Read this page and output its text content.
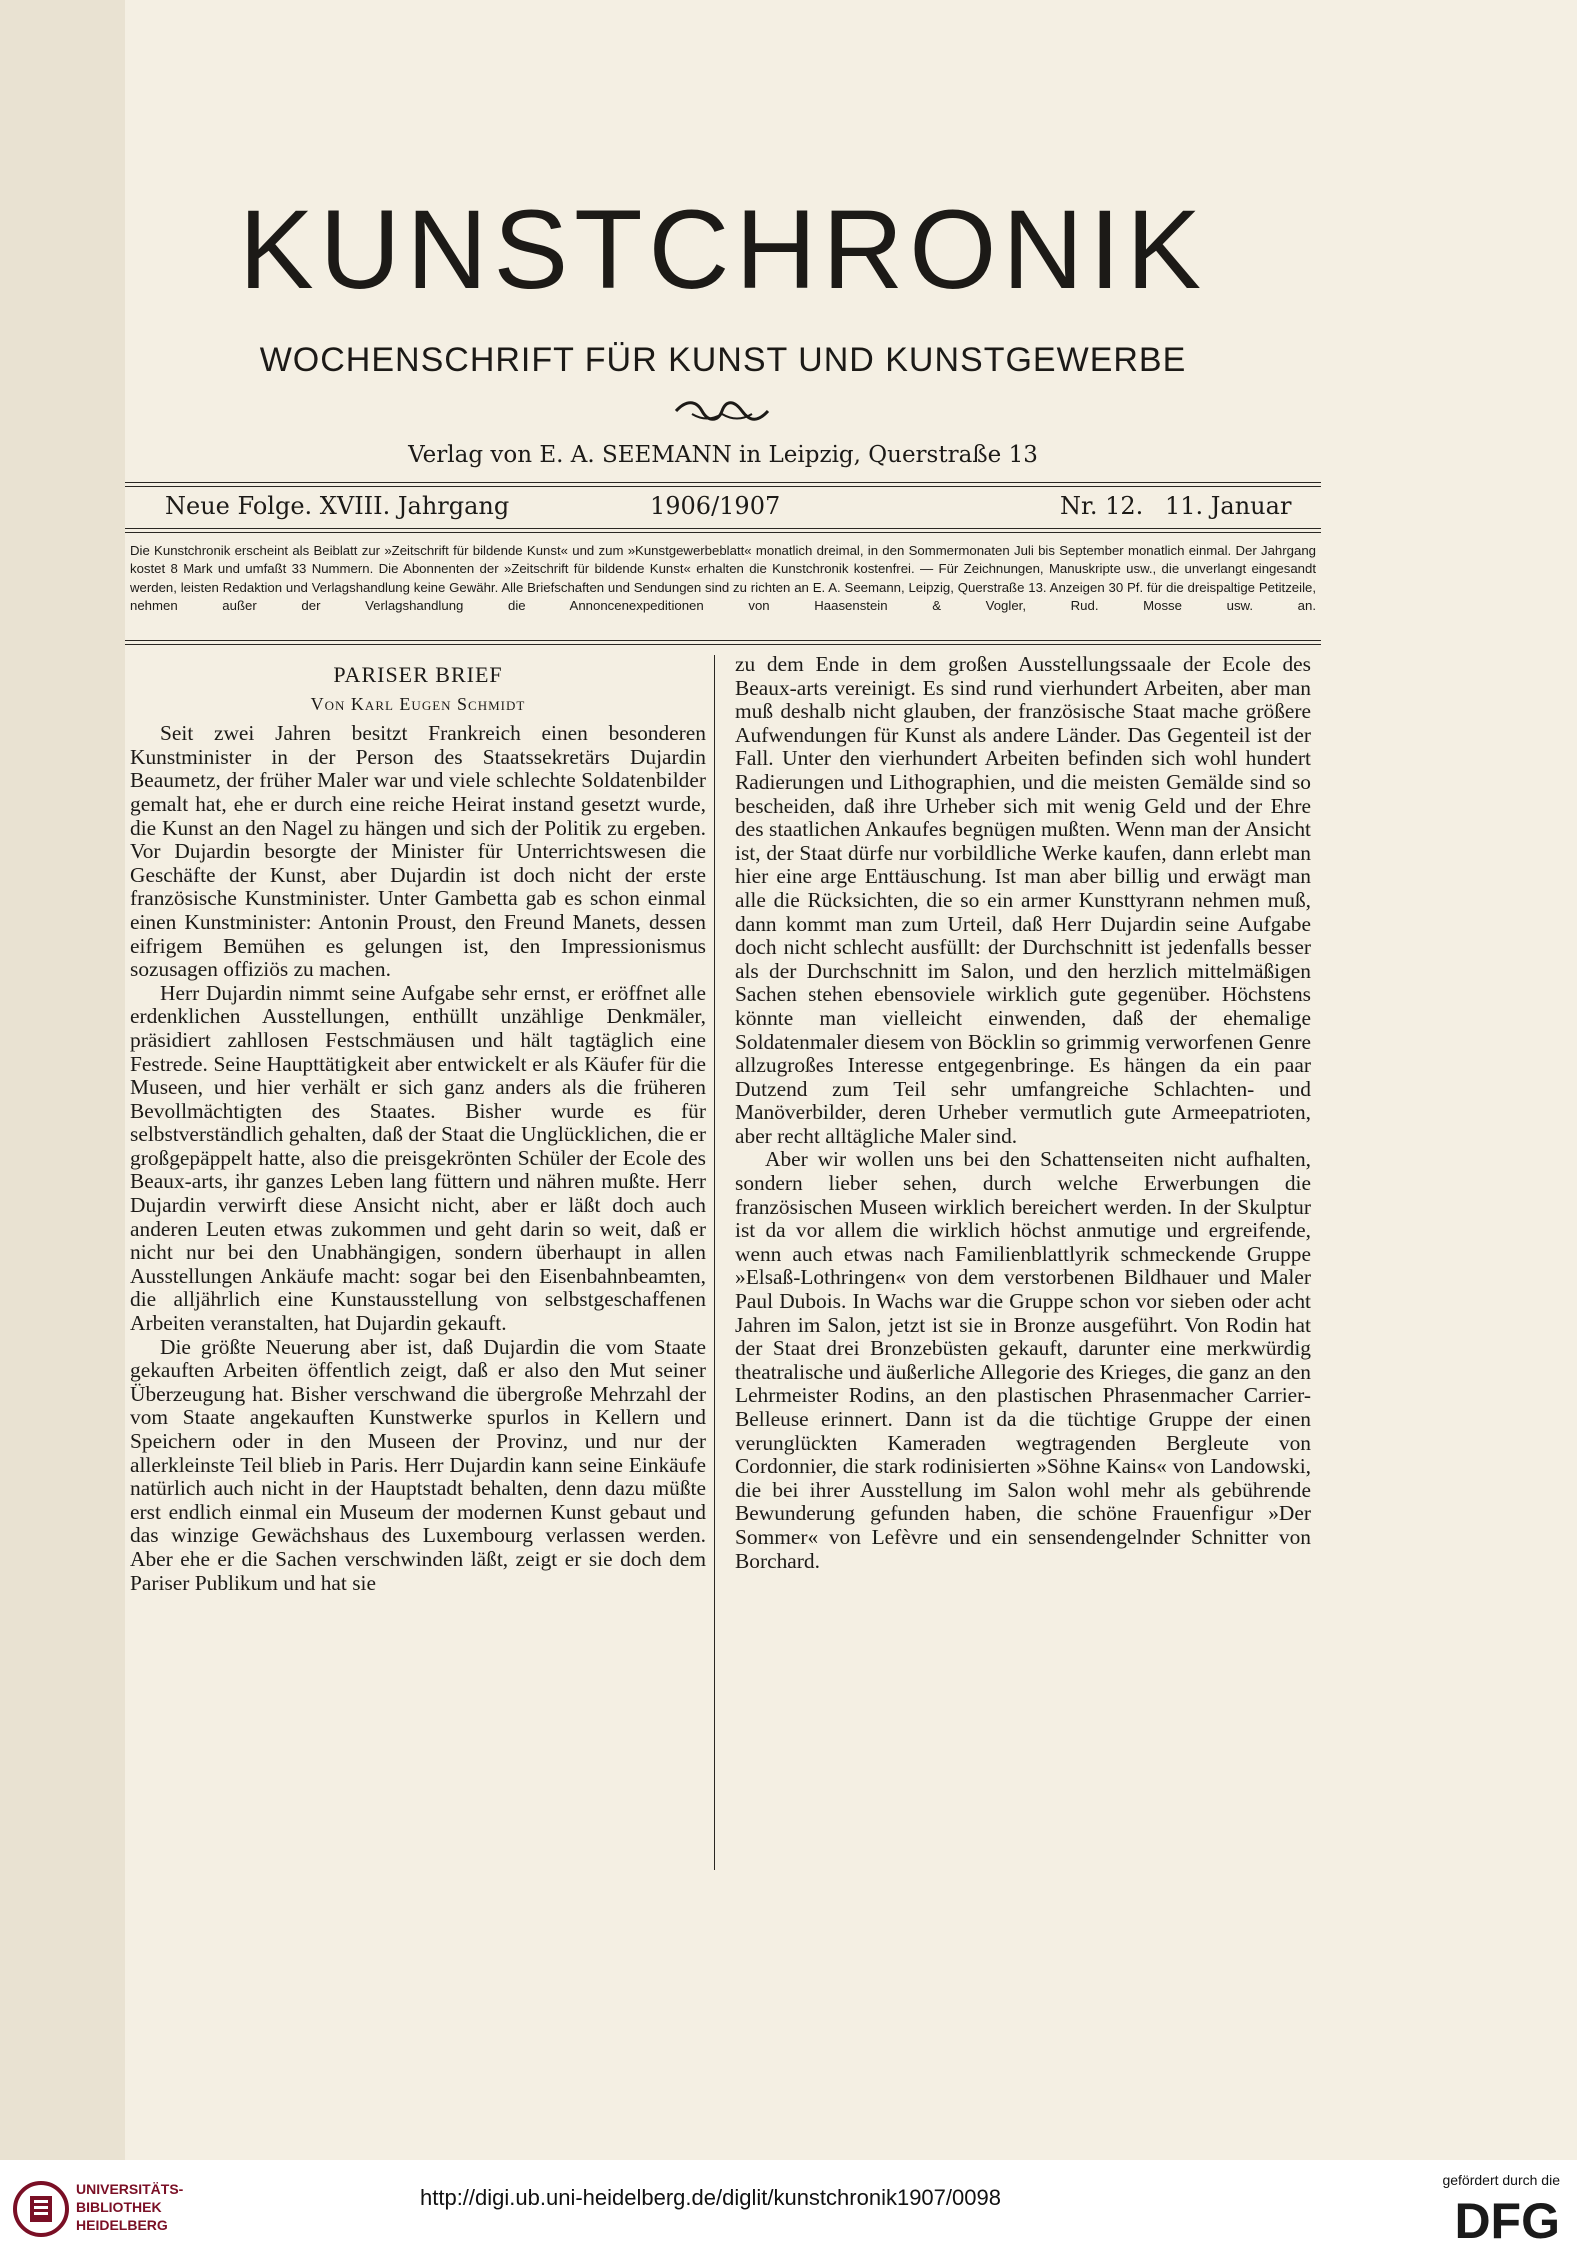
KUNSTCHRONIK
WOCHENSCHRIFT FÜR KUNST UND KUNSTGEWERBE
Verlag von E. A. SEEMANN in Leipzig, Querstraße 13
Neue Folge. XVIII. Jahrgang	1906/1907	Nr. 12. 11. Januar
Die Kunstchronik erscheint als Beiblatt zur »Zeitschrift für bildende Kunst« und zum »Kunstgewerbeblatt« monatlich dreimal, in den Sommermonaten Juli bis September monatlich einmal. Der Jahrgang kostet 8 Mark und umfaßt 33 Nummern. Die Abonnenten der »Zeitschrift für bildende Kunst« erhalten die Kunstchronik kostenfrei. — Für Zeichnungen, Manuskripte usw., die unverlangt eingesandt werden, leisten Redaktion und Verlagshandlung keine Gewähr. Alle Briefschaften und Sendungen sind zu richten an E. A. Seemann, Leipzig, Querstraße 13. Anzeigen 30 Pf. für die dreispaltige Petitzeile, nehmen außer der Verlagshandlung die Annoncenexpeditionen von Haasenstein & Vogler, Rud. Mosse usw. an.
PARISER BRIEF
Von Karl Eugen Schmidt

Seit zwei Jahren besitzt Frankreich einen besonderen Kunstminister in der Person des Staatssekretärs Dujardin Beaumetz, der früher Maler war und viele schlechte Soldatenbilder gemalt hat, ehe er durch eine reiche Heirat instand gesetzt wurde, die Kunst an den Nagel zu hängen und sich der Politik zu ergeben. Vor Dujardin besorgte der Minister für Unterrichtswesen die Geschäfte der Kunst, aber Dujardin ist doch nicht der erste französische Kunstminister. Unter Gambetta gab es schon einmal einen Kunstminister: Antonin Proust, den Freund Manets, dessen eifrigem Bemühen es gelungen ist, den Impressionismus sozusagen offiziös zu machen.

Herr Dujardin nimmt seine Aufgabe sehr ernst, er eröffnet alle erdenklichen Ausstellungen, enthüllt unzählige Denkmäler, präsidiert zahllosen Festschmäusen und hält tagtäglich eine Festrede. Seine Haupttätigkeit aber entwickelt er als Käufer für die Museen, und hier verhält er sich ganz anders als die früheren Bevollmächtigten des Staates. Bisher wurde es für selbstverständlich gehalten, daß der Staat die Unglücklichen, die er großgepäppelt hatte, also die preisgekrönten Schüler der Ecole des Beaux-arts, ihr ganzes Leben lang füttern und nähren mußte. Herr Dujardin verwirft diese Ansicht nicht, aber er läßt doch auch anderen Leuten etwas zukommen und geht darin so weit, daß er nicht nur bei den Unabhängigen, sondern überhaupt in allen Ausstellungen Ankäufe macht: sogar bei den Eisenbahnbeamten, die alljährlich eine Kunstausstellung von selbstgeschaffenen Arbeiten veranstalten, hat Dujardin gekauft.

Die größte Neuerung aber ist, daß Dujardin die vom Staate gekauften Arbeiten öffentlich zeigt, daß er also den Mut seiner Überzeugung hat. Bisher verschwand die übergroße Mehrzahl der vom Staate angekauften Kunstwerke spurlos in Kellern und Speichern oder in den Museen der Provinz, und nur der allerkleinste Teil blieb in Paris. Herr Dujardin kann seine Einkäufe natürlich auch nicht in der Hauptstadt behalten, denn dazu müßte erst endlich einmal ein Museum der modernen Kunst gebaut und das winzige Gewächshaus des Luxembourg verlassen werden. Aber ehe er die Sachen verschwinden läßt, zeigt er sie doch dem Pariser Publikum und hat sie

zu dem Ende in dem großen Ausstellungssaale der Ecole des Beaux-arts vereinigt. Es sind rund vierhundert Arbeiten, aber man muß deshalb nicht glauben, der französische Staat mache größere Aufwendungen für Kunst als andere Länder. Das Gegenteil ist der Fall. Unter den vierhundert Arbeiten befinden sich wohl hundert Radierungen und Lithographien, und die meisten Gemälde sind so bescheiden, daß ihre Urheber sich mit wenig Geld und der Ehre des staatlichen Ankaufes begnügen mußten. Wenn man der Ansicht ist, der Staat dürfe nur vorbildliche Werke kaufen, dann erlebt man hier eine arge Enttäuschung. Ist man aber billig und erwägt man alle die Rücksichten, die so ein armer Kunsttyrann nehmen muß, dann kommt man zum Urteil, daß Herr Dujardin seine Aufgabe doch nicht schlecht ausfüllt: der Durchschnitt ist jedenfalls besser als der Durchschnitt im Salon, und den herzlich mittelmäßigen Sachen stehen ebensoviele wirklich gute gegenüber. Höchstens könnte man vielleicht einwenden, daß der ehemalige Soldatenmaler diesem von Böcklin so grimmig verworfenen Genre allzugroßes Interesse entgegenbringe. Es hängen da ein paar Dutzend zum Teil sehr umfangreiche Schlachten- und Manöverbilder, deren Urheber vermutlich gute Armeepatrioten, aber recht alltägliche Maler sind.

Aber wir wollen uns bei den Schattenseiten nicht aufhalten, sondern lieber sehen, durch welche Erwerbungen die französischen Museen wirklich bereichert werden. In der Skulptur ist da vor allem die wirklich höchst anmutige und ergreifende, wenn auch etwas nach Familienblattlyrik schmeckende Gruppe »Elsaß-Lothringen« von dem verstorbenen Bildhauer und Maler Paul Dubois. In Wachs war die Gruppe schon vor sieben oder acht Jahren im Salon, jetzt ist sie in Bronze ausgeführt. Von Rodin hat der Staat drei Bronzebüsten gekauft, darunter eine merkwürdig theatralische und äußerliche Allegorie des Krieges, die ganz an den Lehrmeister Rodins, an den plastischen Phrasenmacher Carrier-Belleuse erinnert. Dann ist da die tüchtige Gruppe der einen verunglückten Kameraden wegtragenden Bergleute von Cordonnier, die stark rodinisierten »Söhne Kains« von Landowski, die bei ihrer Ausstellung im Salon wohl mehr als gebührende Bewunderung gefunden haben, die schöne Frauenfigur »Der Sommer« von Lefèvre und ein sensendengelnder Schnitter von Borchard.

UNIVERSITÄTS-
BIBLIOTHEK
HEIDELBERG
http://digi.ub.uni-heidelberg.de/diglit/kunstchronik1907/0098
gefördert durch die
DFG
